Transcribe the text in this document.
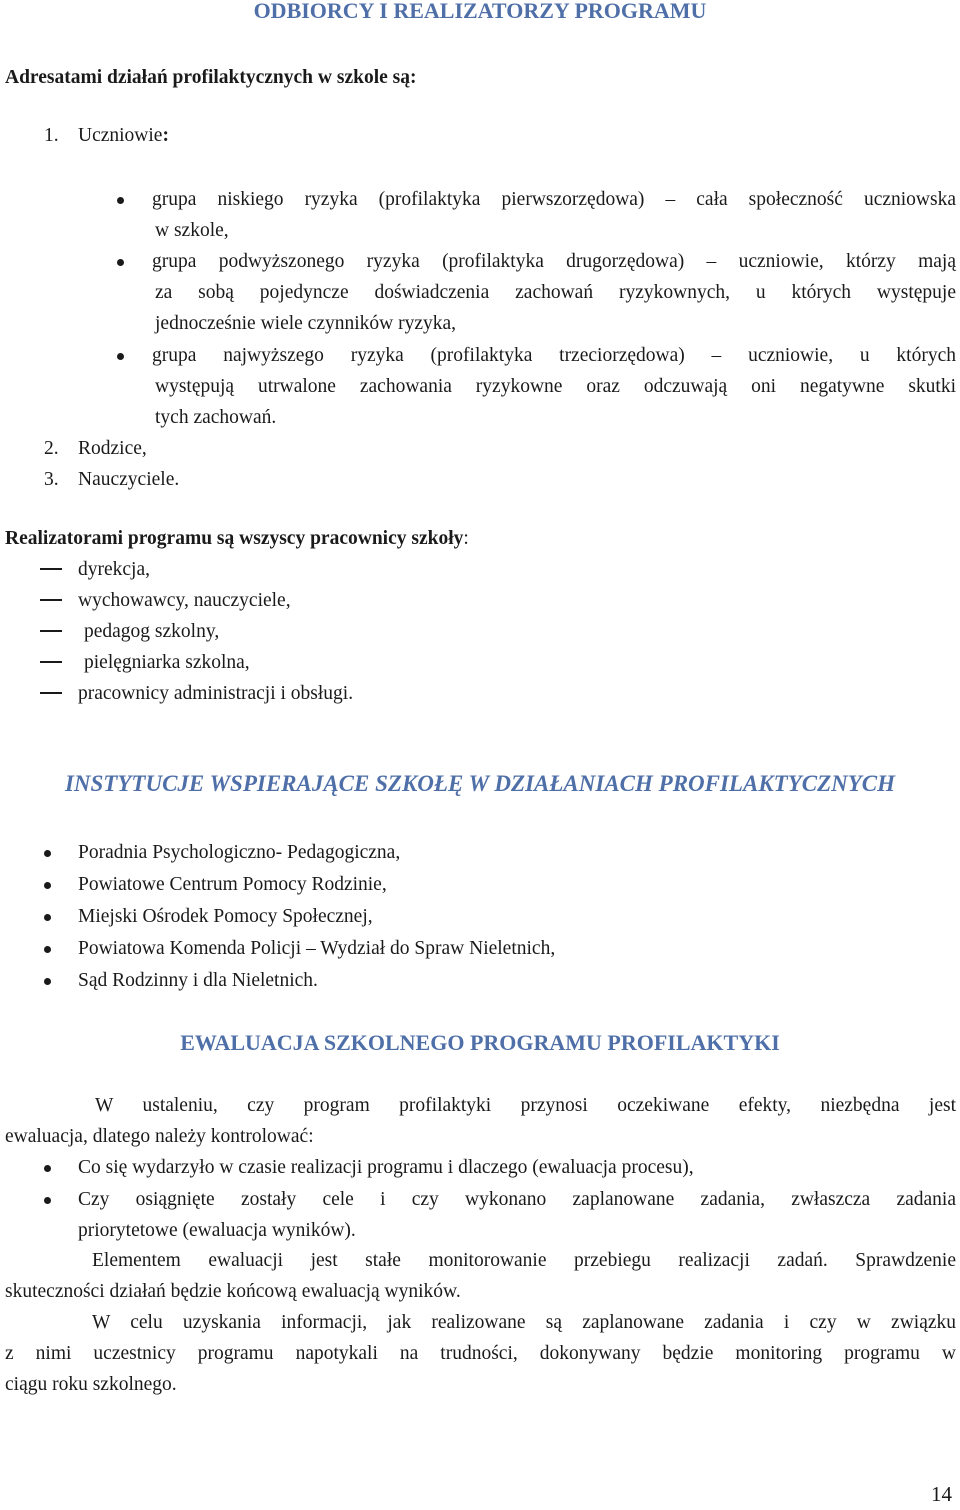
ODBIORCY I REALIZATORZY PROGRAMU
Adresatami działań profilaktycznych w szkole są:
1. Uczniowie:
grupa niskiego ryzyka (profilaktyka pierwszorzędowa) – cała społeczność uczniowska
w szkole,
grupa podwyższonego ryzyka (profilaktyka drugorzędowa) – uczniowie, którzy mają
za sobą pojedyncze doświadczenia zachowań ryzykownych, u których występuje
jednocześnie wiele czynników ryzyka,
grupa najwyższego ryzyka (profilaktyka trzeciorzędowa) – uczniowie, u których
występują utrwalone zachowania ryzykowne oraz odczuwają oni negatywne skutki
tych zachowań.
2. Rodzice,
3. Nauczyciele.
Realizatorami programu są wszyscy pracownicy szkoły:
dyrekcja,
wychowawcy, nauczyciele,
pedagog szkolny,
pielęgniarka szkolna,
pracownicy administracji i obsługi.
INSTYTUCJE WSPIERAJĄCE SZKOŁĘ W DZIAŁANIACH PROFILAKTYCZNYCH
Poradnia Psychologiczno- Pedagogiczna,
Powiatowe Centrum Pomocy Rodzinie,
Miejski Ośrodek Pomocy Społecznej,
Powiatowa Komenda Policji – Wydział do Spraw Nieletnich,
Sąd Rodzinny i dla Nieletnich.
EWALUACJA SZKOLNEGO PROGRAMU PROFILAKTYKI
W ustaleniu, czy program profilaktyki przynosi oczekiwane efekty, niezbędna jest
ewaluacja, dlatego należy kontrolować:
Co się wydarzyło w czasie realizacji programu i dlaczego (ewaluacja procesu),
Czy osiągnięte zostały cele i czy wykonano zaplanowane zadania, zwłaszcza zadania
priorytetowe (ewaluacja wyników).
Elementem ewaluacji jest stałe monitorowanie przebiegu realizacji zadań. Sprawdzenie
skuteczności działań będzie końcową ewaluacją wyników.
W celu uzyskania informacji, jak realizowane są zaplanowane zadania i czy w związku
z nimi uczestnicy programu napotykali na trudności, dokonywany będzie monitoring programu w
ciągu roku szkolnego.
14
